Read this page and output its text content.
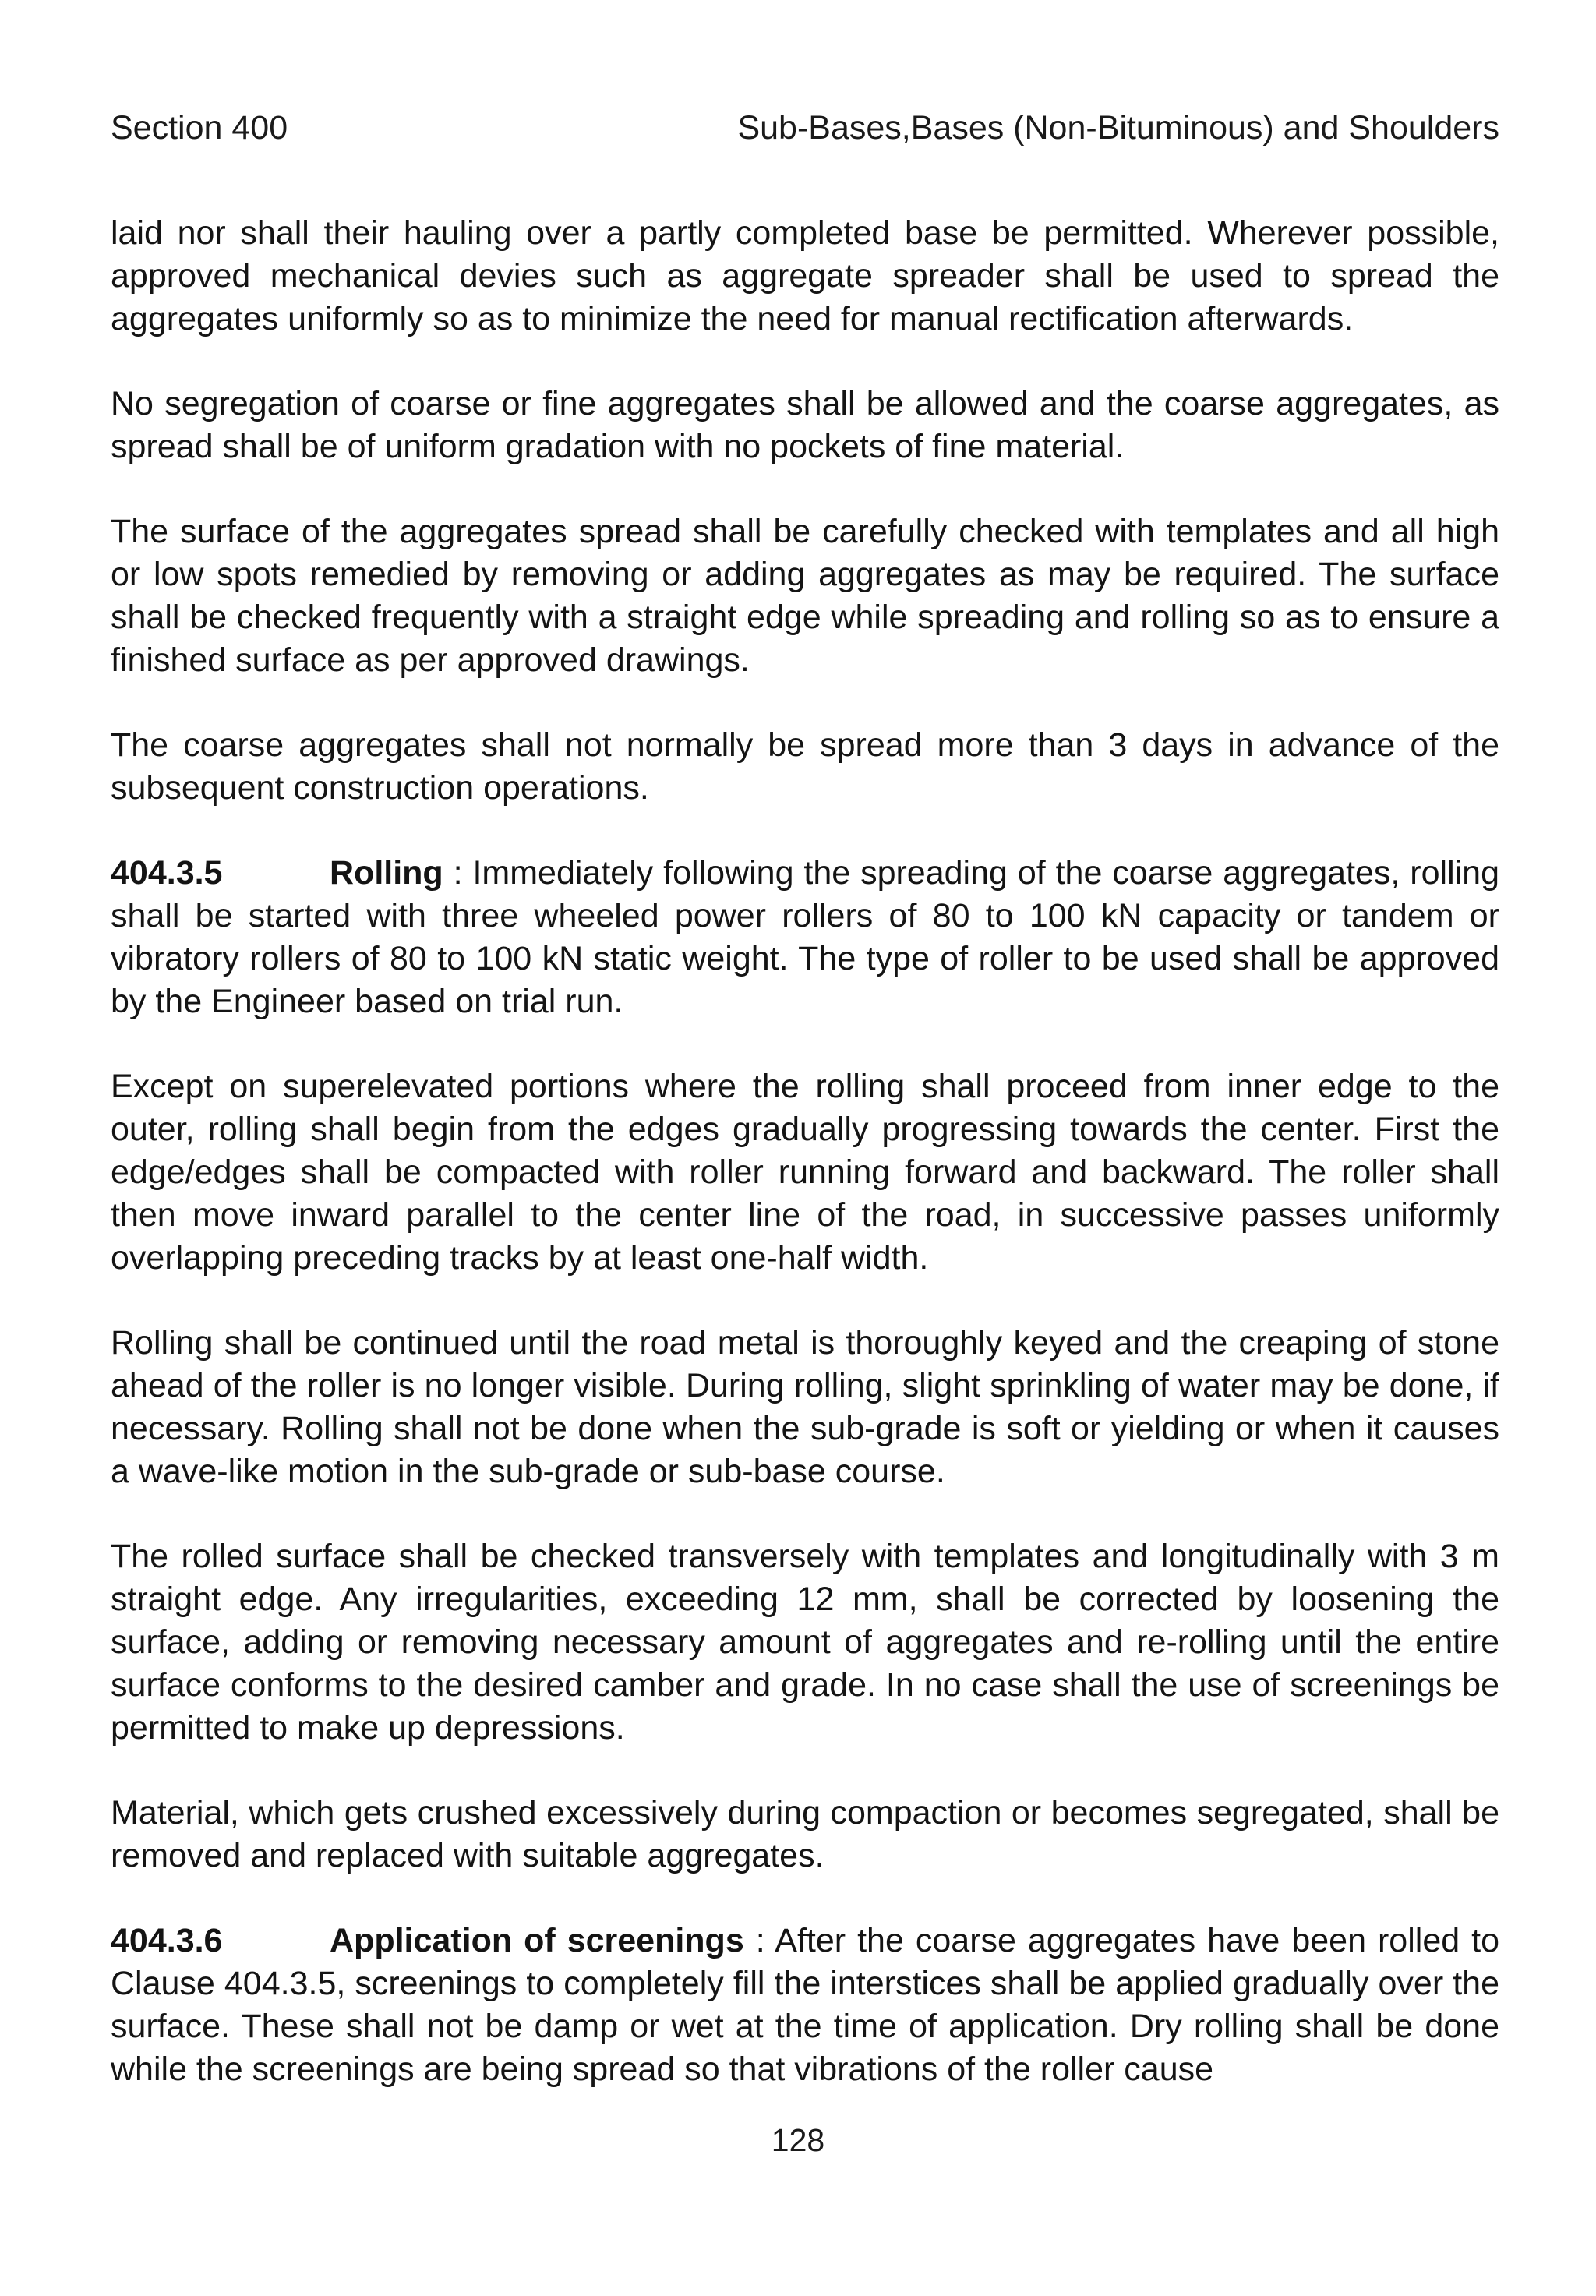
Section 400	Sub-Bases,Bases (Non-Bituminous) and Shoulders

laid nor shall their hauling over a partly completed base be permitted. Wherever possible, approved mechanical devies such as aggregate spreader shall be used to spread the aggregates uniformly so as to minimize the need for manual rectification afterwards.

No segregation of coarse or fine aggregates shall be allowed and the coarse aggregates, as spread shall be of uniform gradation with no pockets of fine material.

The surface of the aggregates spread shall be carefully checked with templates and all high or low spots remedied by removing or adding aggregates as may be required. The surface shall be checked frequently with a straight edge while spreading and rolling so as to ensure a finished surface as per approved drawings.

The coarse aggregates shall not normally be spread more than 3 days in advance of the subsequent construction operations.

404.3.5	Rolling : Immediately following the spreading of the coarse aggregates, rolling shall be started with three wheeled power rollers of 80 to 100 kN capacity or tandem or vibratory rollers of 80 to 100 kN static weight. The type of roller to be used shall be approved by the Engineer based on trial run.

Except on superelevated portions where the rolling shall proceed from inner edge to the outer, rolling shall begin from the edges gradually progressing towards the center. First the edge/edges shall be compacted with roller running forward and backward. The roller shall then move inward parallel to the center line of the road, in successive passes uniformly overlapping preceding tracks by at least one-half width.

Rolling shall be continued until the road metal is thoroughly keyed and the creaping of stone ahead of the roller is no longer visible. During rolling, slight sprinkling of water may be done, if necessary. Rolling shall not be done when the sub-grade is soft or yielding or when it causes a wave-like motion in the sub-grade or sub-base course.

The rolled surface shall be checked transversely with templates and longitudinally with 3 m straight edge. Any irregularities, exceeding 12 mm, shall be corrected by loosening the surface, adding or removing necessary amount of aggregates and re-rolling until the entire surface conforms to the desired camber and grade. In no case shall the use of screenings be permitted to make up depressions.

Material, which gets crushed excessively during compaction or becomes segregated, shall be removed and replaced with suitable aggregates.

404.3.6	Application of screenings : After the coarse aggregates have been rolled to Clause 404.3.5, screenings to completely fill the interstices shall be applied gradually over the surface. These shall not be damp or wet at the time of application. Dry rolling shall be done while the screenings are being spread so that vibrations of the roller cause

128
